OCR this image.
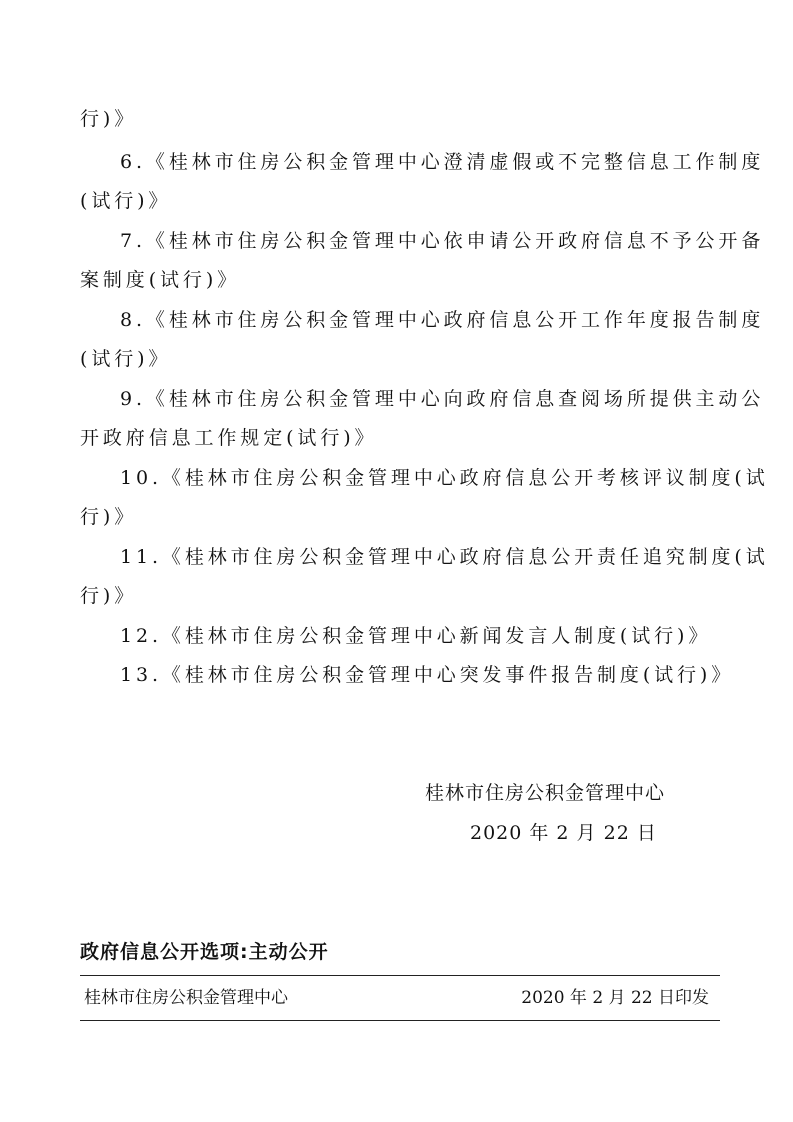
行)》
6.《桂林市住房公积金管理中心澄清虚假或不完整信息工作制度
(试行)》
7.《桂林市住房公积金管理中心依申请公开政府信息不予公开备
案制度(试行)》
8.《桂林市住房公积金管理中心政府信息公开工作年度报告制度
(试行)》
9.《桂林市住房公积金管理中心向政府信息查阅场所提供主动公
开政府信息工作规定(试行)》
10.《桂林市住房公积金管理中心政府信息公开考核评议制度(试
行)》
11.《桂林市住房公积金管理中心政府信息公开责任追究制度(试
行)》
12.《桂林市住房公积金管理中心新闻发言人制度(试行)》
13.《桂林市住房公积金管理中心突发事件报告制度(试行)》
桂林市住房公积金管理中心
2020 年 2 月 22 日
政府信息公开选项:主动公开
桂林市住房公积金管理中心	2020 年 2 月 22 日印发
